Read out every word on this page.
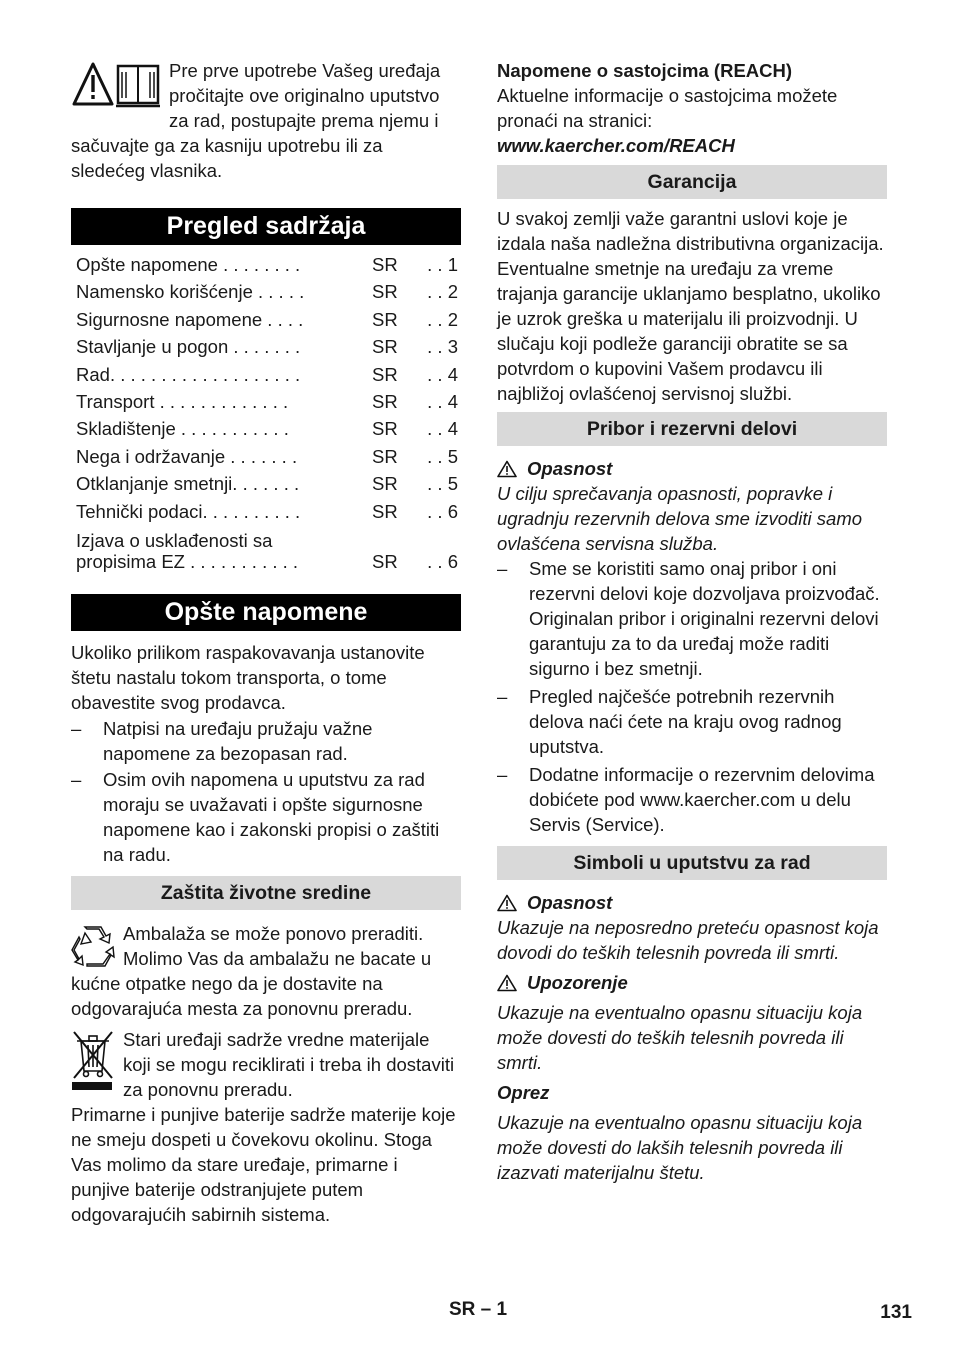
Pre prve upotrebe Vašeg uređaja pročitajte ove originalno uputstvo za rad, postupajte prema njemu i sačuvajte ga za kasniju upotrebu ili za sledećeg vlasnika.

Pregled sadržaja
Opšte napomene . . . . . . . .	SR	. . 1
Namensko korišćenje . . . . .	SR	. . 2
Sigurnosne napomene . . . .	SR	. . 2
Stavljanje u pogon . . . . . . .	SR	. . 3
Rad. . . . . . . . . . . . . . . . . . .	SR	. . 4
Transport . . . . . . . . . . . . .	SR	. . 4
Skladištenje . . . . . . . . . . .	SR	. . 4
Nega i održavanje . . . . . . .	SR	. . 5
Otklanjanje smetnji. . . . . . .	SR	. . 5
Tehnički podaci. . . . . . . . . .	SR	. . 6
Izjava o usklađenosti sa
propisima EZ . . . . . . . . . . .	SR	. . 6
Opšte napomene

Ukoliko prilikom raspakovavanja ustanovite štetu nastalu tokom transporta, o tome obavestite svog prodavca.

– Natpisi na uređaju pružaju važne napomene za bezopasan rad.
– Osim ovih napomena u uputstvu za rad moraju se uvažavati i opšte sigurnosne napomene kao i zakonski propisi o zaštiti na radu.
Zaštita životne sredine

Ambalaža se može ponovo preraditi. Molimo Vas da ambalažu ne bacate u kućne otpatke nego da je dostavite na odgovarajuća mesta za ponovnu preradu.

Stari uređaji sadrže vredne materijale koji se mogu reciklirati i treba ih dostaviti za ponovnu preradu.

Primarne i punjive baterije sadrže materije koje ne smeju dospeti u čovekovu okolinu. Stoga Vas molimo da stare uređaje, primarne i punjive baterije odstranjujete putem odgovarajućih sabirnih sistema.

Napomene o sastojcima (REACH)

Aktuelne informacije o sastojcima možete pronaći na stranici:

www.kaercher.com/REACH

Garancija

U svakoj zemlji važe garantni uslovi koje je izdala naša nadležna distributivna organizacija. Eventualne smetnje na uređaju za vreme trajanja garancije uklanjamo besplatno, ukoliko je uzrok greška u materijalu ili proizvodnji. U slučaju koji podleže garanciji obratite se sa potvrdom o kupovini Vašem prodavcu ili najbližoj ovlašćenoj servisnoj službi.

Pribor i rezervni delovi
Opasnost

U cilju sprečavanja opasnosti, popravke i ugradnju rezervnih delova sme izvoditi samo ovlašćena servisna služba.

– Sme se koristiti samo onaj pribor i oni rezervni delovi koje dozvoljava proizvođač. Originalan pribor i originalni rezervni delovi garantuju za to da uređaj može raditi sigurno i bez smetnji.
– Pregled najčešće potrebnih rezervnih delova naći ćete na kraju ovog radnog uputstva.
– Dodatne informacije o rezervnim delovima dobićete pod www.kaercher.com u delu Servis (Service).
Simboli u uputstvu za rad
Opasnost

Ukazuje na neposredno preteću opasnost koja dovodi do teških telesnih povreda ili smrti.

Upozorenje

Ukazuje na eventualno opasnu situaciju koja može dovesti do teških telesnih povreda ili smrti.

Oprez

Ukazuje na eventualno opasnu situaciju koja može dovesti do lakših telesnih povreda ili izazvati materijalnu štetu.

SR – 1	131
